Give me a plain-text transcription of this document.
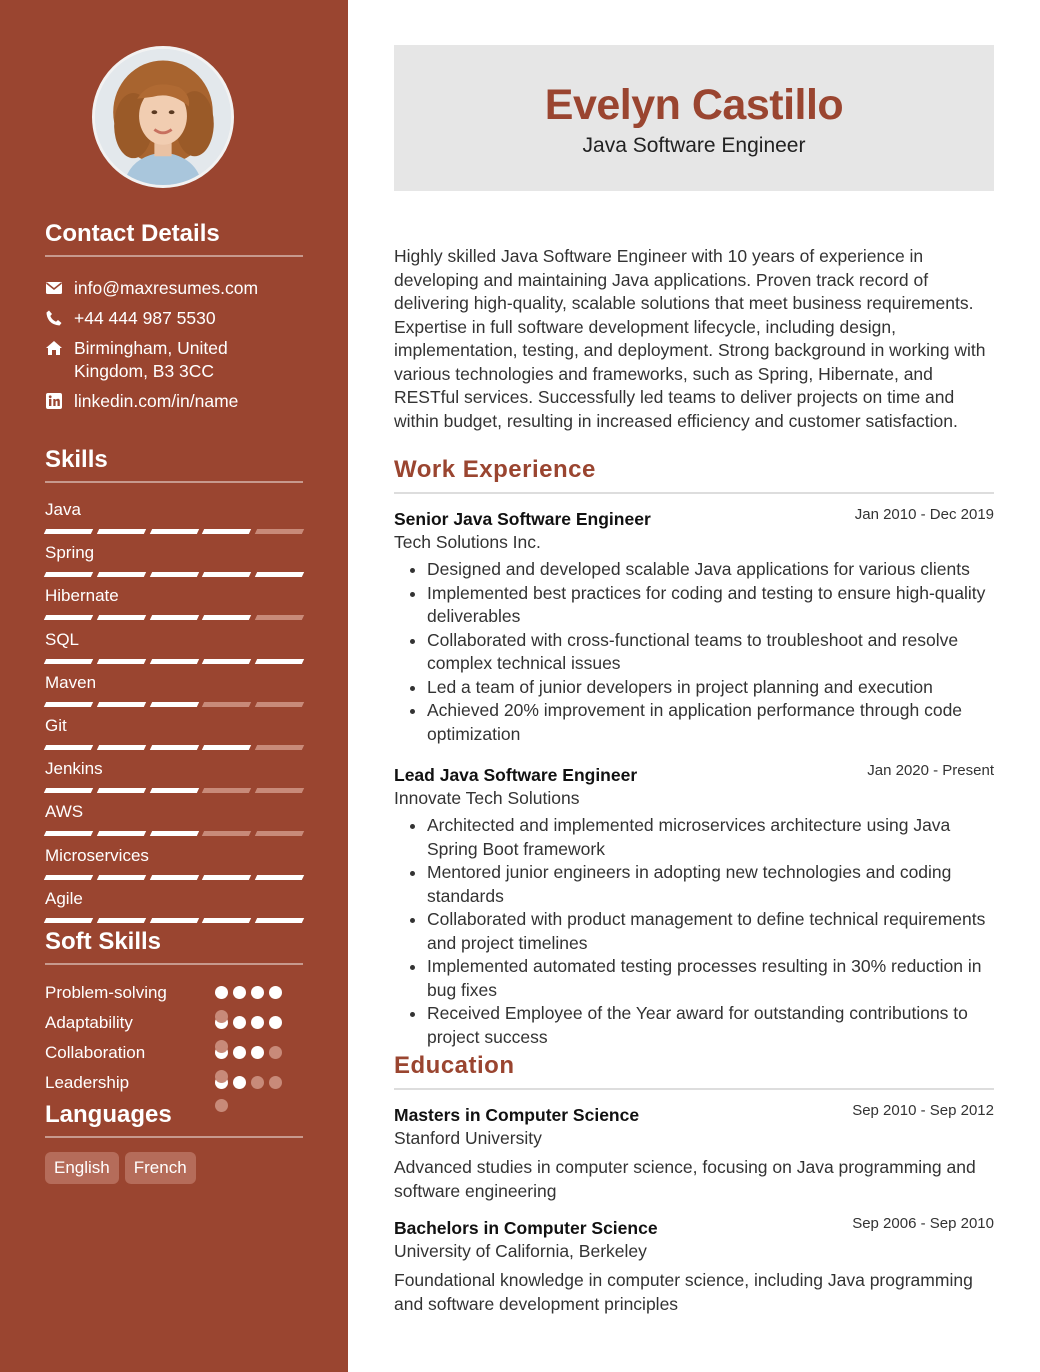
Contact Details
info@maxresumes.com
+44 444 987 5530
Birmingham, United Kingdom, B3 3CC
linkedin.com/in/name
Skills
Java
Spring
Hibernate
SQL
Maven
Git
Jenkins
AWS
Microservices
Agile
Soft Skills
Problem-solving
Adaptability
Collaboration
Leadership
Languages
English	French
Evelyn Castillo
Java Software Engineer
Highly skilled Java Software Engineer with 10 years of experience in developing and maintaining Java applications. Proven track record of delivering high-quality, scalable solutions that meet business requirements. Expertise in full software development lifecycle, including design, implementation, testing, and deployment. Strong background in working with various technologies and frameworks, such as Spring, Hibernate, and RESTful services. Successfully led teams to deliver projects on time and within budget, resulting in increased efficiency and customer satisfaction.
Work Experience
Senior Java Software Engineer	Jan 2010 - Dec 2019
Tech Solutions Inc.
• Designed and developed scalable Java applications for various clients
• Implemented best practices for coding and testing to ensure high-quality deliverables
• Collaborated with cross-functional teams to troubleshoot and resolve complex technical issues
• Led a team of junior developers in project planning and execution
• Achieved 20% improvement in application performance through code optimization
Lead Java Software Engineer	Jan 2020 - Present
Innovate Tech Solutions
• Architected and implemented microservices architecture using Java Spring Boot framework
• Mentored junior engineers in adopting new technologies and coding standards
• Collaborated with product management to define technical requirements and project timelines
• Implemented automated testing processes resulting in 30% reduction in bug fixes
• Received Employee of the Year award for outstanding contributions to project success
Education
Masters in Computer Science	Sep 2010 - Sep 2012
Stanford University
Advanced studies in computer science, focusing on Java programming and software engineering
Bachelors in Computer Science	Sep 2006 - Sep 2010
University of California, Berkeley
Foundational knowledge in computer science, including Java programming and software development principles
